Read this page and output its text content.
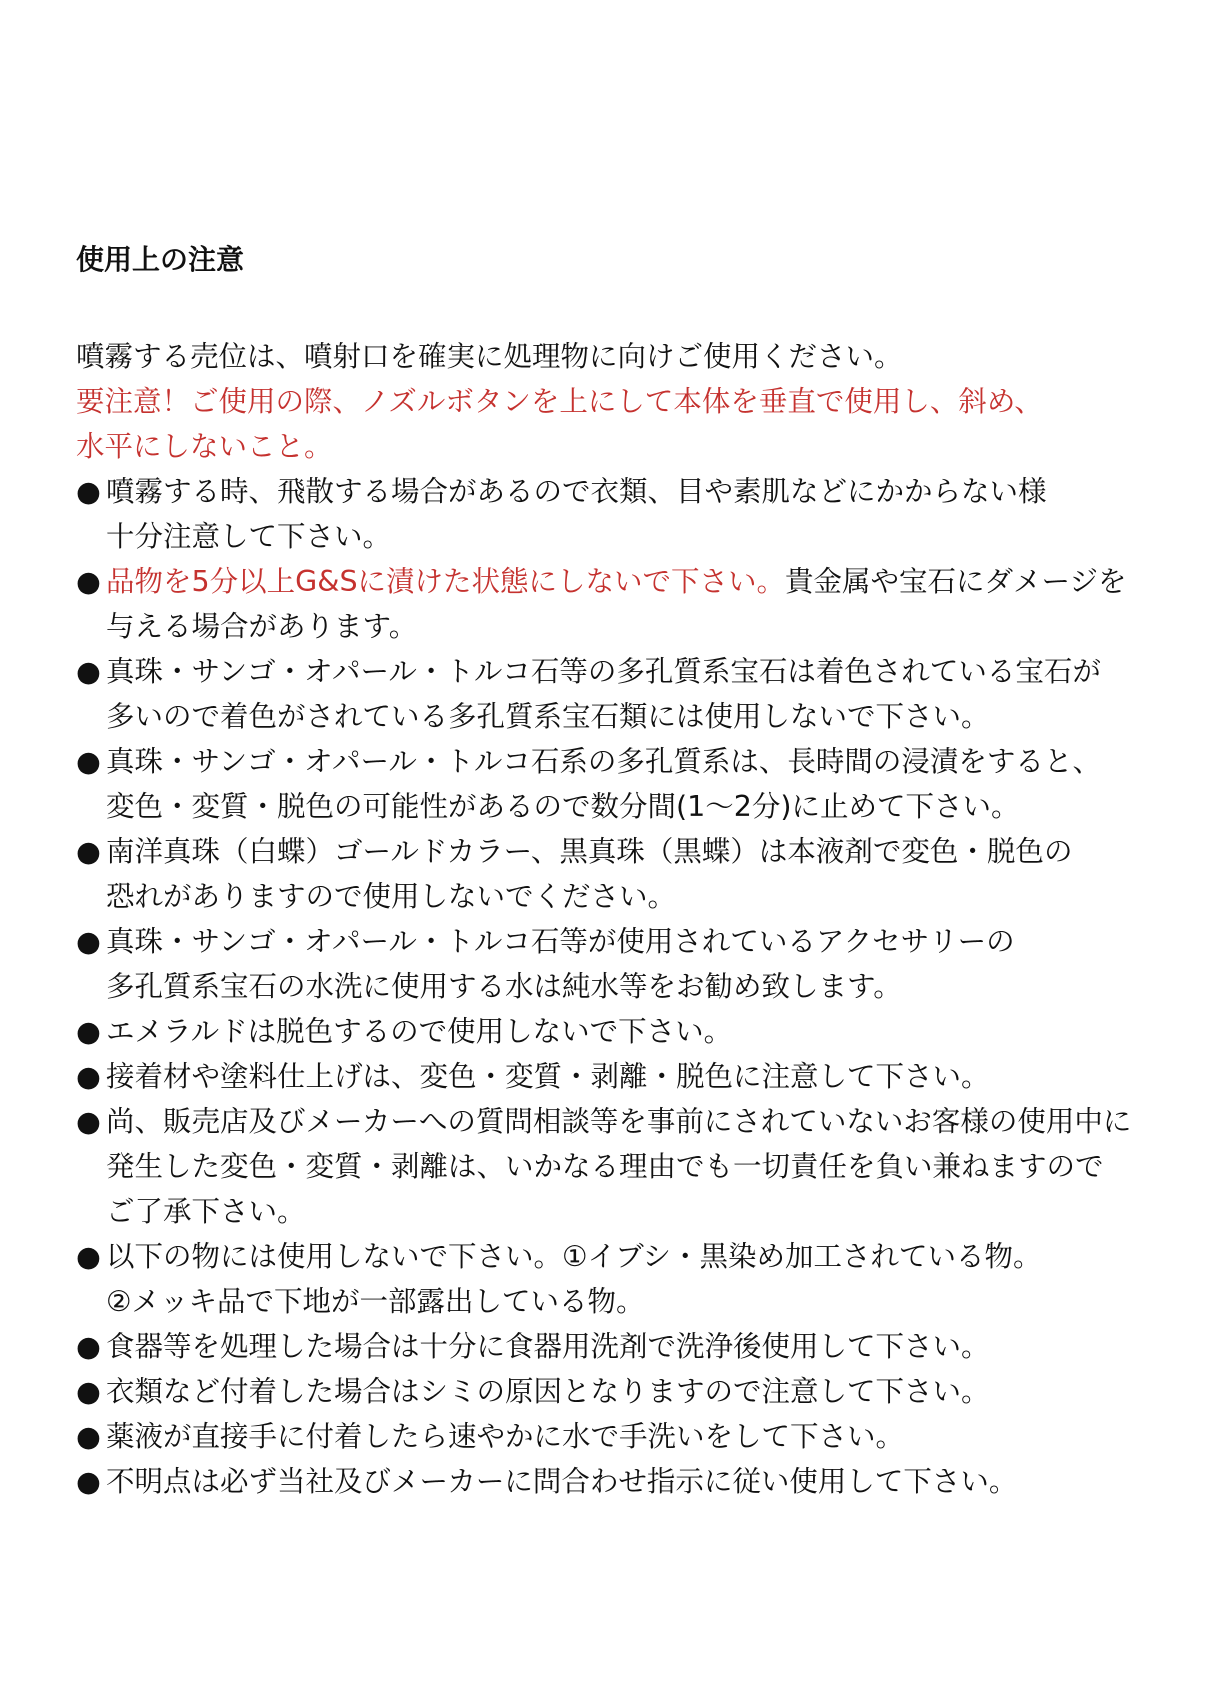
使用上の注意
噴霧する売位は、噴射口を確実に処理物に向けご使用ください。
要注意！ご使用の際、ノズルボタンを上にして本体を垂直で使用し、斜め、
水平にしないこと。
● 噴霧する時、飛散する場合があるので衣類、目や素肌などにかからない様
十分注意して下さい。
● 品物を5分以上G&Sに漬けた状態にしないで下さい。貴金属や宝石にダメージを
与える場合があります。
● 真珠・サンゴ・オパール・トルコ石等の多孔質系宝石は着色されている宝石が
多いので着色がされている多孔質系宝石類には使用しないで下さい。
● 真珠・サンゴ・オパール・トルコ石系の多孔質系は、長時間の浸漬をすると、
変色・変質・脱色の可能性があるので数分間(1〜2分)に止めて下さい。
● 南洋真珠（白蝶）ゴールドカラー、黒真珠（黒蝶）は本液剤で変色・脱色の
恐れがありますので使用しないでください。
● 真珠・サンゴ・オパール・トルコ石等が使用されているアクセサリーの
多孔質系宝石の水洗に使用する水は純水等をお勧め致します。
● エメラルドは脱色するので使用しないで下さい。
● 接着材や塗料仕上げは、変色・変質・剥離・脱色に注意して下さい。
● 尚、販売店及びメーカーへの質問相談等を事前にされていないお客様の使用中に
発生した変色・変質・剥離は、いかなる理由でも一切責任を負い兼ねますので
ご了承下さい。
● 以下の物には使用しないで下さい。①イブシ・黒染め加工されている物。
②メッキ品で下地が一部露出している物。
● 食器等を処理した場合は十分に食器用洗剤で洗浄後使用して下さい。
● 衣類など付着した場合はシミの原因となりますので注意して下さい。
● 薬液が直接手に付着したら速やかに水で手洗いをして下さい。
● 不明点は必ず当社及びメーカーに問合わせ指示に従い使用して下さい。
